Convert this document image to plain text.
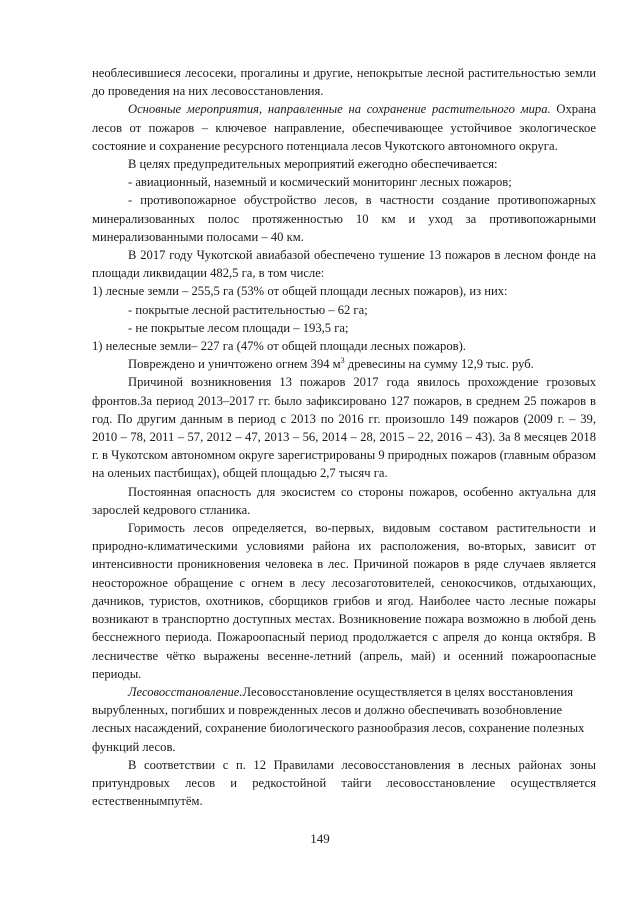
необлесившиеся лесосеки, прогалины и другие, непокрытые лесной растительностью земли до проведения на них лесовосстановления.

Основные мероприятия, направленные на сохранение растительного мира. Охрана лесов от пожаров – ключевое направление, обеспечивающее устойчивое экологическое состояние и сохранение ресурсного потенциала лесов Чукотского автономного округа.

В целях предупредительных мероприятий ежегодно обеспечивается:

- авиационный, наземный и космический мониторинг лесных пожаров;

- противопожарное обустройство лесов, в частности создание противопожарных минерализованных полос протяженностью 10 км и уход за противопожарными минерализованными полосами – 40 км.

В 2017 году Чукотской авиабазой обеспечено тушение 13 пожаров в лесном фонде на площади ликвидации 482,5 га, в том числе:

1) лесные земли – 255,5 га (53% от общей площади лесных пожаров), из них:

- покрытые лесной растительностью – 62 га;

- не покрытые лесом площади – 193,5 га;

1) нелесные земли– 227 га (47% от общей площади лесных пожаров).

Повреждено и уничтожено огнем 394 $м^3$ древесины на сумму 12,9 тыс. руб.

Причиной возникновения 13 пожаров 2017 года явилось прохождение грозовых фронтов.За период 2013–2017 гг. было зафиксировано 127 пожаров, в среднем 25 пожаров в год. По другим данным в период с 2013 по 2016 гг. произошло 149 пожаров (2009 г. – 39, 2010 – 78, 2011 – 57, 2012 – 47, 2013 – 56, 2014 – 28, 2015 – 22, 2016 – 43). За 8 месяцев 2018 г. в Чукотском автономном округе зарегистрированы 9 природных пожаров (главным образом на оленьих пастбищах), общей площадью 2,7 тысяч га.

Постоянная опасность для экосистем со стороны пожаров, особенно актуальна для зарослей кедрового стланика.

Горимость лесов определяется, во-первых, видовым составом растительности и природно-климатическими условиями района их расположения, во-вторых, зависит от интенсивности проникновения человека в лес. Причиной пожаров в ряде случаев является неосторожное обращение с огнем в лесу лесозаготовителей, сенокосчиков, отдыхающих, дачников, туристов, охотников, сборщиков грибов и ягод. Наиболее часто лесные пожары возникают в транспортно доступных местах. Возникновение пожара возможно в любой день бесснежного периода. Пожароопасный период продолжается с апреля до конца октября. В лесничестве чётко выражены весенне-летний (апрель, май) и осенний пожароопасные периоды.

Лесовосстановление.Лесовосстановление осуществляется в целях восстановления вырубленных, погибших и поврежденных лесов и должно обеспечивать возобновление лесных насаждений, сохранение биологического разнообразия лесов, сохранение полезных функций лесов.

В соответствии с п. 12 Правилами лесовосстановления в лесных районах зоны притундровых лесов и редкостойной тайги лесовосстановление осуществляется естественнымпутём.

149
